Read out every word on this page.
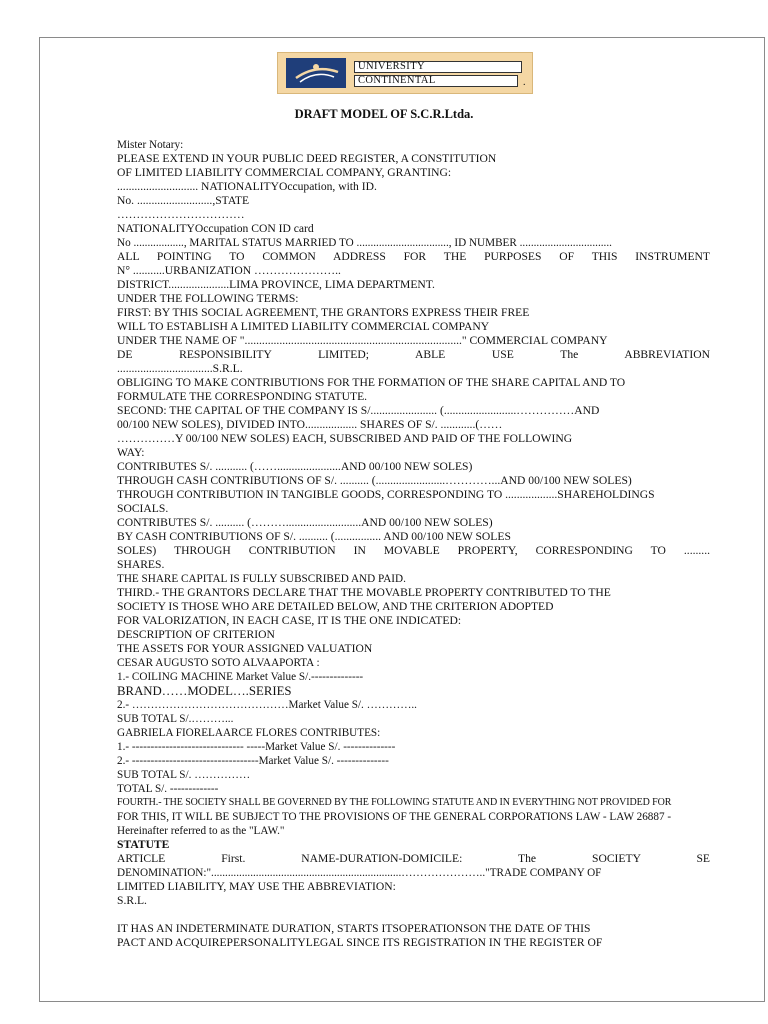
UNIVERSITY
CONTINENTAL	.
DRAFT MODEL OF S.C.R.Ltda.
Mister Notary:
PLEASE EXTEND IN YOUR PUBLIC DEED REGISTER, A CONSTITUTION
OF LIMITED LIABILITY COMMERCIAL COMPANY, GRANTING:
............................ NATIONALITYOccupation, with ID.
No. ..........................,STATE
……………………………
NATIONALITYOccupation CON ID card
No .................., MARITAL STATUS MARRIED TO ................................., ID NUMBER .................................
ALL POINTING TO COMMON ADDRESS FOR THE PURPOSES OF THIS INSTRUMENT
N° ...........URBANIZATION …………………..
DISTRICT.....................LIMA PROVINCE, LIMA DEPARTMENT.
UNDER THE FOLLOWING TERMS:
FIRST: BY THIS SOCIAL AGREEMENT, THE GRANTORS EXPRESS THEIR FREE
WILL TO ESTABLISH A LIMITED LIABILITY COMMERCIAL COMPANY
UNDER THE NAME OF "..........................................................................." COMMERCIAL COMPANY
DE RESPONSIBILITY LIMITED; ABLE USE The ABBREVIATION
.................................S.R.L.
OBLIGING TO MAKE CONTRIBUTIONS FOR THE FORMATION OF THE SHARE CAPITAL AND TO
FORMULATE THE CORRESPONDING STATUTE.
SECOND: THE CAPITAL OF THE COMPANY IS S/....................... (.........................……………AND
00/100 NEW SOLES), DIVIDED INTO.................. SHARES OF S/. ............(……
……………Y 00/100 NEW SOLES) EACH, SUBSCRIBED AND PAID OF THE FOLLOWING
WAY:
CONTRIBUTES S/. ........... (……......................AND 00/100 NEW SOLES)
THROUGH CASH CONTRIBUTIONS OF S/. .......... (........................…………...AND 00/100 NEW SOLES)
THROUGH CONTRIBUTION IN TANGIBLE GOODS, CORRESPONDING TO ..................SHAREHOLDINGS
SOCIALS.
CONTRIBUTES S/. .......... (………..........................AND 00/100 NEW SOLES)
BY CASH CONTRIBUTIONS OF S/. .......... (................ AND 00/100 NEW SOLES
SOLES) THROUGH CONTRIBUTION IN MOVABLE PROPERTY, CORRESPONDING TO .........
SHARES.
THE SHARE CAPITAL IS FULLY SUBSCRIBED AND PAID.
THIRD.- THE GRANTORS DECLARE THAT THE MOVABLE PROPERTY CONTRIBUTED TO THE
SOCIETY IS THOSE WHO ARE DETAILED BELOW, AND THE CRITERION ADOPTED
FOR VALORIZATION, IN EACH CASE, IT IS THE ONE INDICATED:
DESCRIPTION OF CRITERION
THE ASSETS FOR YOUR ASSIGNED VALUATION
CESAR AUGUSTO SOTO ALVAAPORTA :
1.- COILING MACHINE Market Value S/.--------------
BRAND……MODEL….SERIES
2.- ……………………………………Market Value S/. …………..
SUB TOTAL S/.………...
GABRIELA FIORELAARCE FLORES CONTRIBUTES:
1.- ------------------------------ -----Market Value S/. --------------
2.- ----------------------------------Market Value S/. --------------
SUB TOTAL S/. ……………
TOTAL S/. -------------
FOURTH.- THE SOCIETY SHALL BE GOVERNED BY THE FOLLOWING STATUTE AND IN EVERYTHING NOT PROVIDED FOR
FOR THIS, IT WILL BE SUBJECT TO THE PROVISIONS OF THE GENERAL CORPORATIONS LAW - LAW 26887 -
Hereinafter referred to as the "LAW."
STATUTE
ARTICLE First. NAME-DURATION-DOMICILE: The SOCIETY SE
DENOMINATION:"....................................................................………………….."TRADE COMPANY OF
LIMITED LIABILITY, MAY USE THE ABBREVIATION:
S.R.L.
IT HAS AN INDETERMINATE DURATION, STARTS ITSOPERATIONSON THE DATE OF THIS
PACT AND ACQUIREPERSONALITYLEGAL SINCE ITS REGISTRATION IN THE REGISTER OF
